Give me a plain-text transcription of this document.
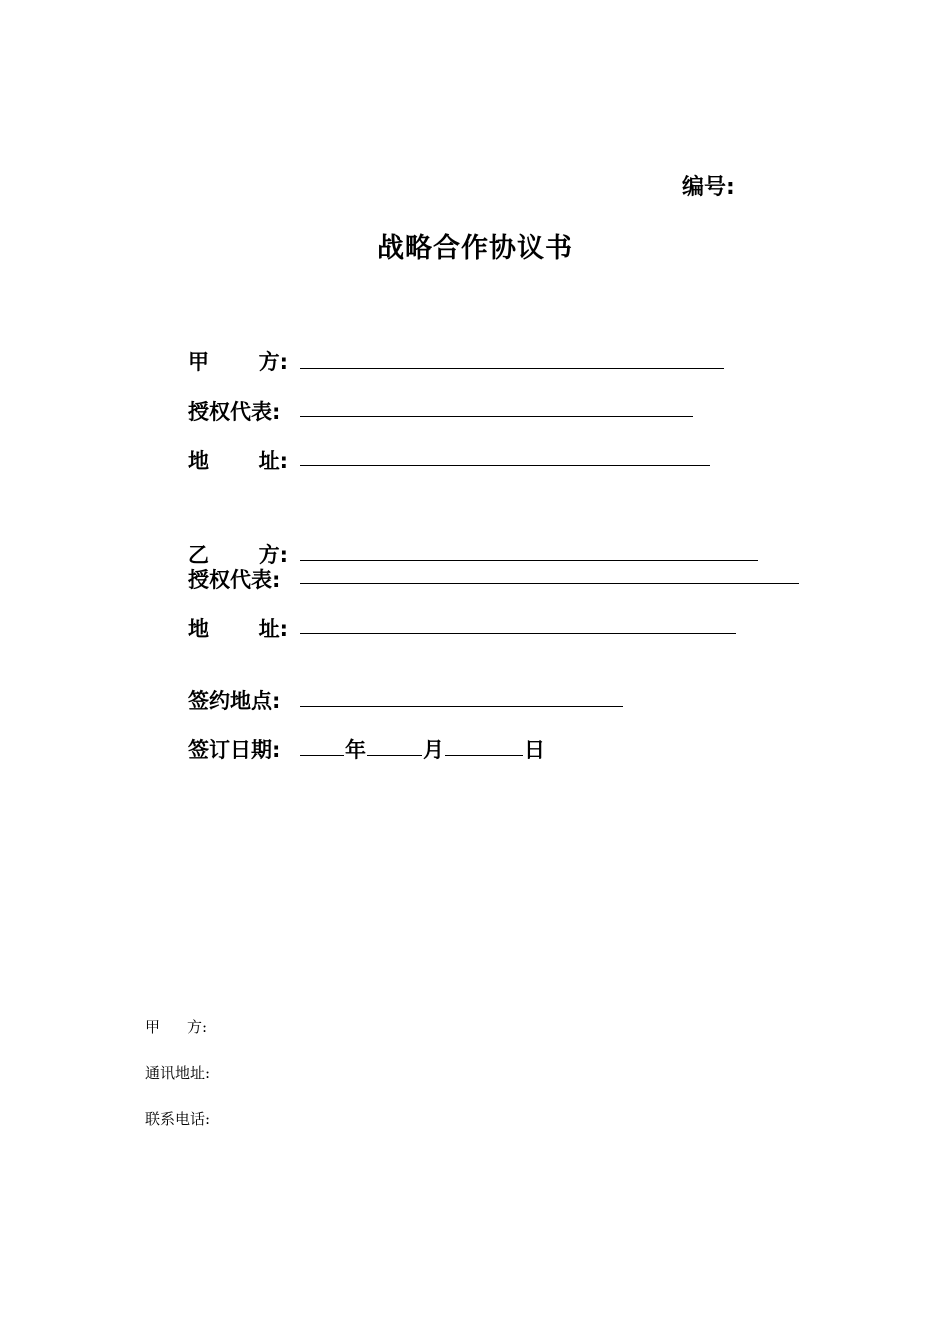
编号:
战略合作协议书
甲 方:
授权代表:
地 址:
乙 方:
授权代表:
地 址:
签约地点:
签订日期:	年	月	日
甲 方:
通讯地址:
联系电话:
